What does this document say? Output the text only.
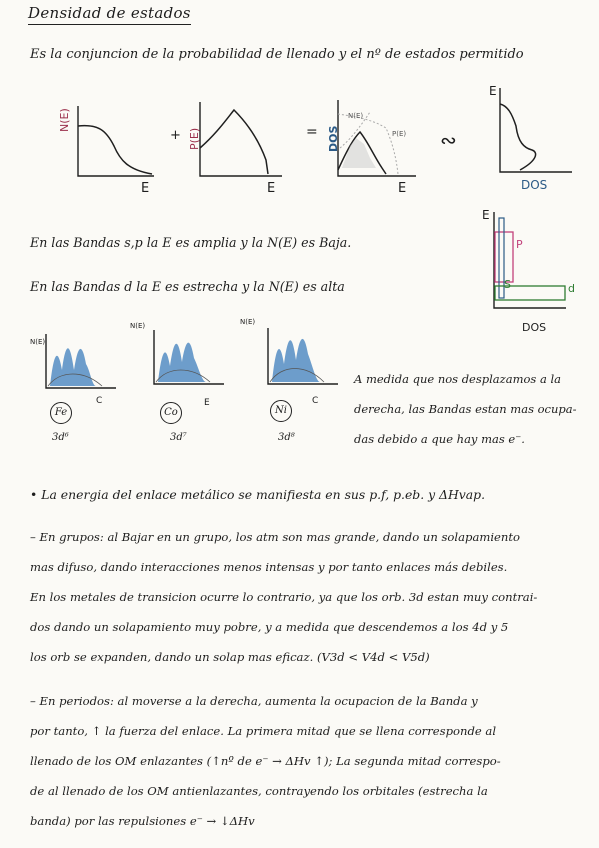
Densidad de estados
Es la conjuncion de la probabilidad de llenado y el nº de estados permitido
N(E)
E
+ P(E)
E
= DOS
N(E)
P(E)
E
∾
E
DOS
En las Bandas s,p la E es amplia y la N(E) es Baja.
En las Bandas d la E es estrecha y la N(E) es alta
E
P
S	d
DOS
N(E)
C
Fe
3d⁶
N(E)
E
Co
3d⁷
N(E)
C
Ni
3d⁸
A medida que nos desplazamos a la
derecha, las Bandas estan mas ocupa-
das debido a que hay mas e⁻.
• La energia del enlace metálico se manifiesta en sus p.f, p.eb. y ΔHvap.
– En grupos: al Bajar en un grupo, los atm son mas grande, dando un solapamiento
mas difuso, dando interacciones menos intensas y por tanto enlaces más debiles.
En los metales de transicion ocurre lo contrario, ya que los orb. 3d estan muy contrai-
dos dando un solapamiento muy pobre, y a medida que descendemos a los 4d y 5
los orb se expanden, dando un solap mas eficaz. (V3d < V4d < V5d)
– En periodos: al moverse a la derecha, aumenta la ocupacion de la Banda y
por tanto, ↑ la fuerza del enlace. La primera mitad que se llena corresponde al
llenado de los OM enlazantes (↑nº de e⁻ → ΔHv ↑); La segunda mitad correspo-
de al llenado de los OM antienlazantes, contrayendo los orbitales (estrecha la
banda) por las repulsiones e⁻ → ↓ΔHv
